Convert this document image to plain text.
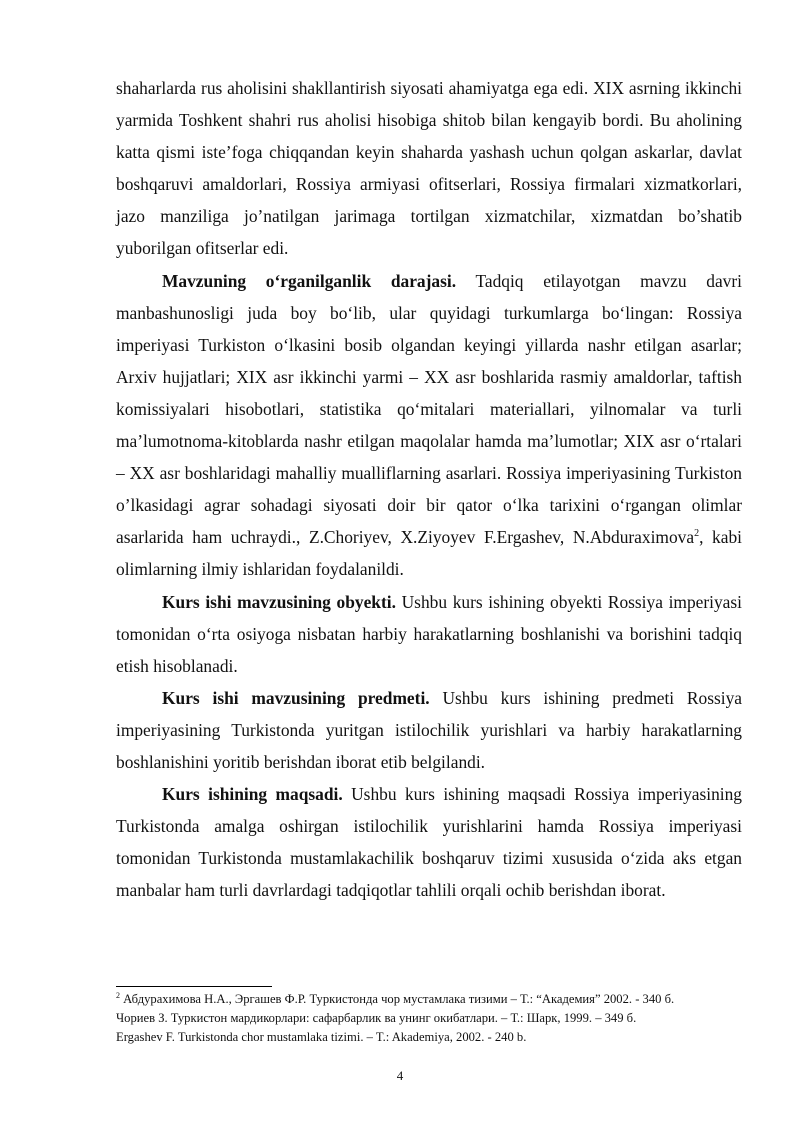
shaharlarda rus aholisini shakllantirish siyosati ahamiyatga ega edi. XIX asrning ikkinchi yarmida Toshkent shahri rus aholisi hisobiga shitob bilan kengayib bordi. Bu aholining katta qismi iste’foga chiqqandan keyin shaharda yashash uchun qolgan askarlar, davlat boshqaruvi amaldorlari, Rossiya armiyasi ofitserlari, Rossiya firmalari xizmatkorlari, jazo manziliga jo’natilgan jarimaga tortilgan xizmatchilar, xizmatdan bo’shatib yuborilgan ofitserlar edi.

Mavzuning oʻrganilganlik darajasi. Tadqiq etilayotgan mavzu davri manbashunosligi juda boy boʻlib, ular quyidagi turkumlarga boʻlingan: Rossiya imperiyasi Turkiston oʻlkasini bosib olgandan keyingi yillarda nashr etilgan asarlar; Arxiv hujjatlari; XIX asr ikkinchi yarmi – XX asr boshlarida rasmiy amaldorlar, taftish komissiyalari hisobotlari, statistika qoʻmitalari materiallari, yilnomalar va turli ma’lumotnoma-kitoblarda nashr etilgan maqolalar hamda ma’lumotlar; XIX asr oʻrtalari – XX asr boshlaridagi mahalliy mualliflarning asarlari. Rossiya imperiyasining Turkiston o’lkasidagi agrar sohadagi siyosati doir bir qator oʻlka tarixini oʻrgangan olimlar asarlarida ham uchraydi., Z.Choriyev, X.Ziyoyev F.Ergashev, N.Abduraximova$^2$, kabi olimlarning ilmiy ishlaridan foydalanildi.

Kurs ishi mavzusining obyekti. Ushbu kurs ishining obyekti Rossiya imperiyasi tomonidan oʻrta osiyoga nisbatan harbiy harakatlarning boshlanishi va borishini tadqiq etish hisoblanadi.

Kurs ishi mavzusining predmeti. Ushbu kurs ishining predmeti Rossiya imperiyasining Turkistonda yuritgan istilochilik yurishlari va harbiy harakatlarning boshlanishini yoritib berishdan iborat etib belgilandi.

Kurs ishining maqsadi. Ushbu kurs ishining maqsadi Rossiya imperiyasining Turkistonda amalga oshirgan istilochilik yurishlarini hamda Rossiya imperiyasi tomonidan Turkistonda mustamlakachilik boshqaruv tizimi xususida oʻzida aks etgan manbalar ham turli davrlardagi tadqiqotlar tahlili orqali ochib berishdan iborat.

$^2$ Абдурахимова Н.А., Эргашев Ф.Р. Туркистонда чор мустамлака тизими – Т.: “Академия” 2002. - 340 б.
Чориев З. Туркистон мардикорлари: сафарбарлик ва унинг окибатлари. – Т.: Шарк, 1999. – 349 б.
Ergashev F. Turkistonda chor mustamlaka tizimi. – T.: Akademiya, 2002. - 240 b.
4
